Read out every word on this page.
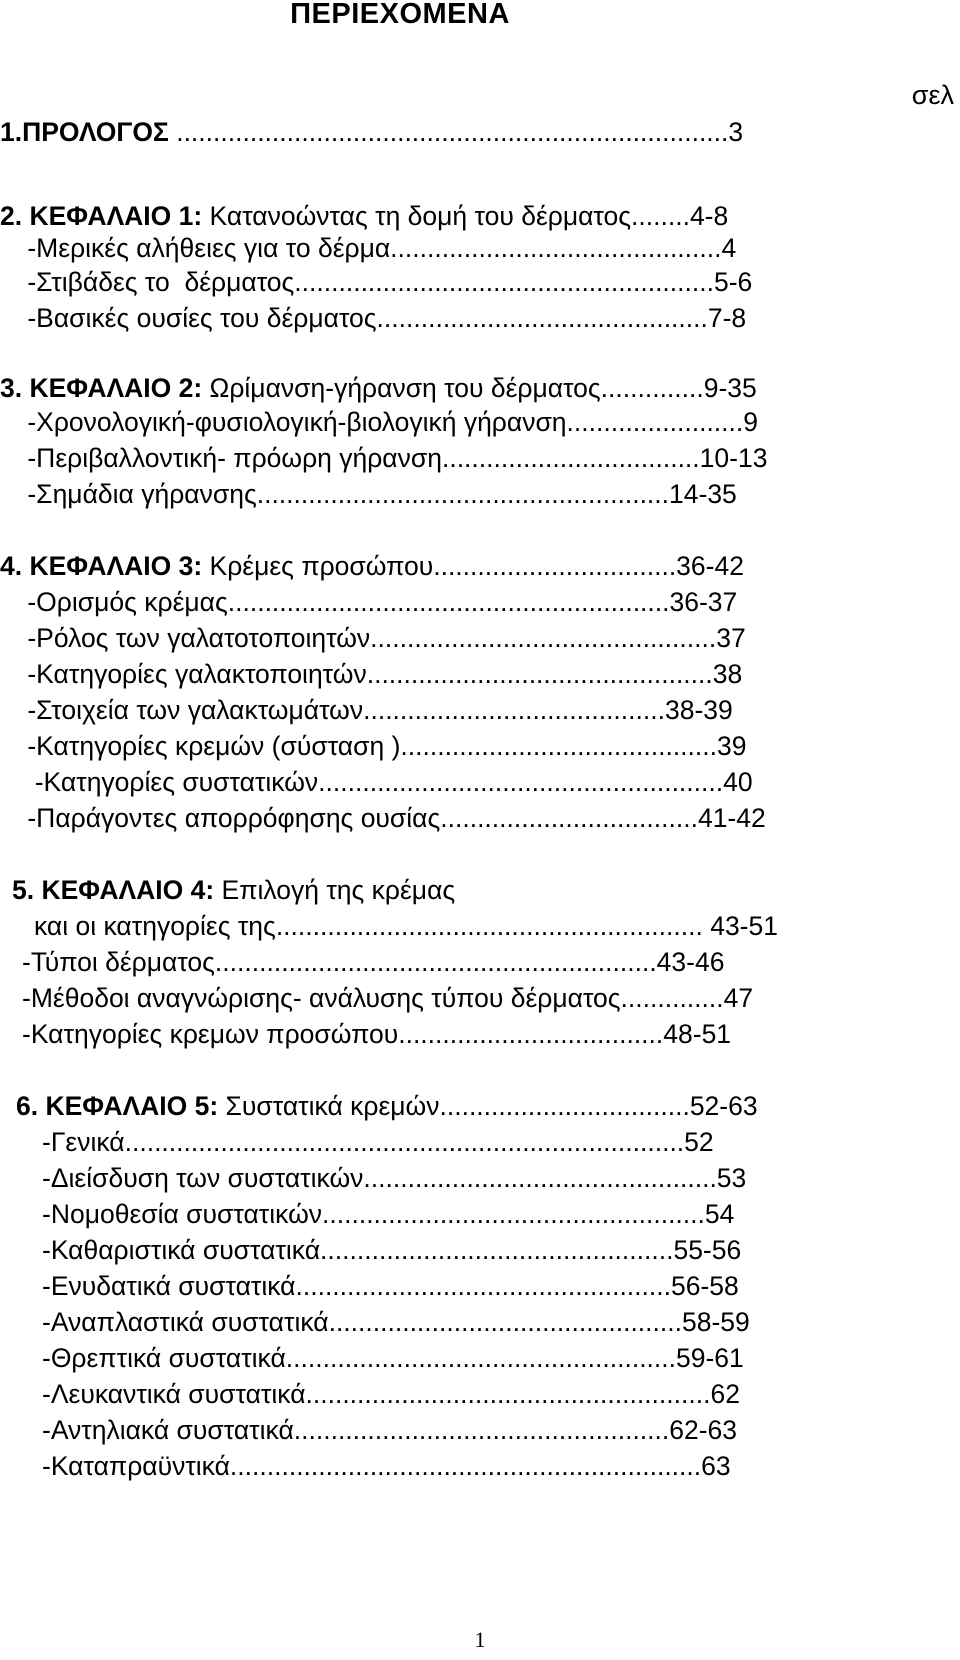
ΠΕΡΙΕΧΟΜΕΝΑ
σελ
1.ΠΡΟΛΟΓΟΣ ...........................................................................3
2. ΚΕΦΑΛΑΙΟ 1: Κατανοώντας τη δομή του δέρματος........4-8
-Μερικές αλήθειες για το δέρμα.............................................4
-Στιβάδες το  δέρματος.........................................................5-6
-Βασικές ουσίες του δέρματος.............................................7-8
3. ΚΕΦΑΛΑΙΟ 2: Ωρίμανση-γήρανση του δέρματος..............9-35
-Χρονολογική-φυσιολογική-βιολογική γήρανση........................9
-Περιβαλλοντική- πρόωρη γήρανση...................................10-13
-Σημάδια γήρανσης........................................................14-35
4. ΚΕΦΑΛΑΙΟ 3: Κρέμες προσώπου.................................36-42
-Ορισμός κρέμας............................................................36-37
-Ρόλος των γαλατοτοποιητών...............................................37
-Κατηγορίες γαλακτοποιητών...............................................38
-Στοιχεία των γαλακτωμάτων.........................................38-39
-Κατηγορίες κρεμών (σύσταση )...........................................39
-Κατηγορίες συστατικών.......................................................40
-Παράγοντες απορρόφησης ουσίας...................................41-42
5. ΚΕΦΑΛΑΙΟ 4: Επιλογή της κρέμας
και οι κατηγορίες της.......................................................... 43-51
-Τύποι δέρματος............................................................43-46
-Μέθοδοι αναγνώρισης- ανάλυσης τύπου δέρματος..............47
-Κατηγορίες κρεμων προσώπου....................................48-51
6. ΚΕΦΑΛΑΙΟ 5: Συστατικά κρεμών..................................52-63
-Γενικά............................................................................52
-Διείσδυση των συστατικών................................................53
-Νομοθεσία συστατικών....................................................54
-Καθαριστικά συστατικά................................................55-56
-Ενυδατικά συστατικά...................................................56-58
-Αναπλαστικά συστατικά................................................58-59
-Θρεπτικά συστατικά.....................................................59-61
-Λευκαντικά συστατικά.......................................................62
-Αντηλιακά συστατικά...................................................62-63
-Καταπραϋντικά................................................................63
1
